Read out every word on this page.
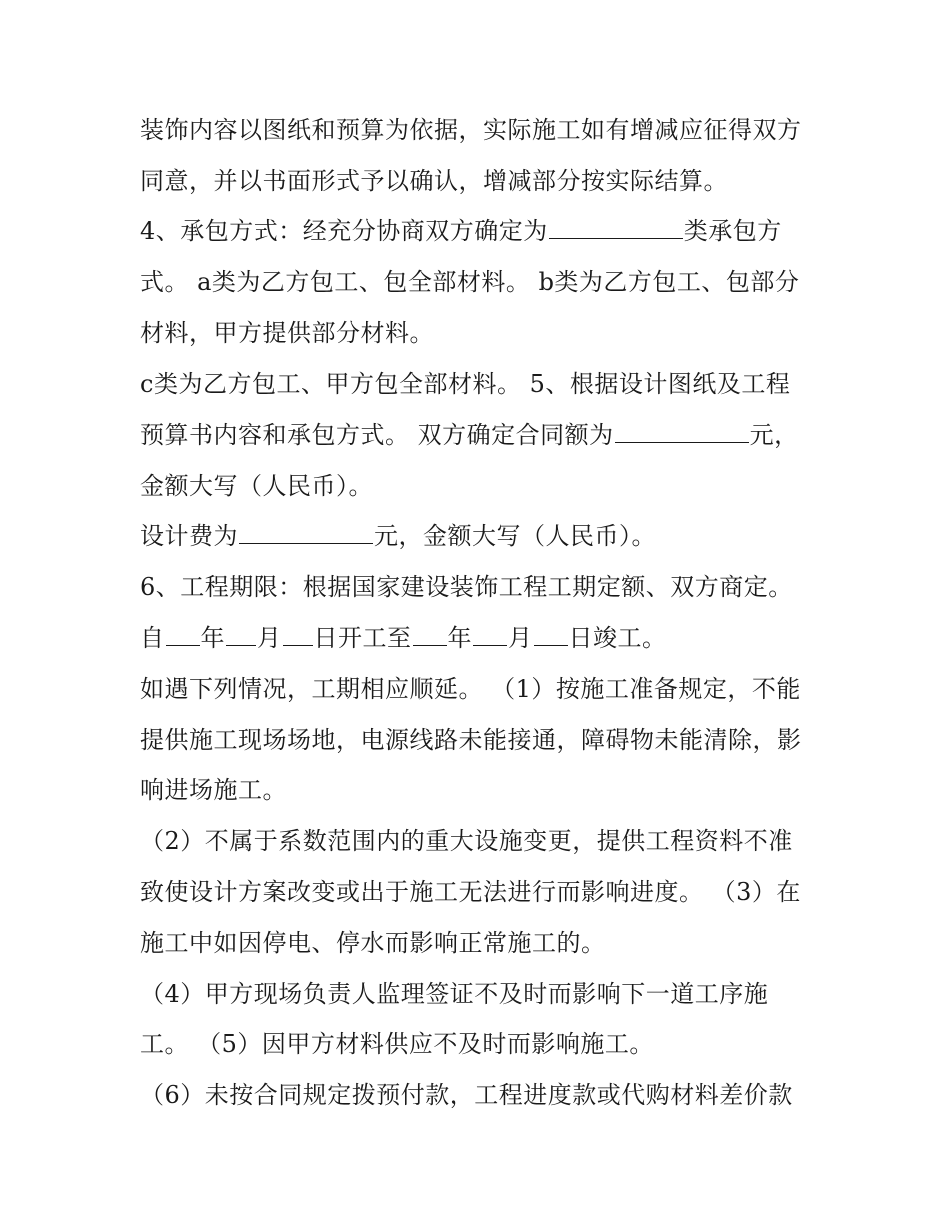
装饰内容以图纸和预算为依据，实际施工如有增减应征得双方
同意，并以书面形式予以确认，增减部分按实际结算。
4、承包方式：经充分协商双方确定为	类承包方
式。 a类为乙方包工、包全部材料。 b类为乙方包工、包部分
材料，甲方提供部分材料。
c类为乙方包工、甲方包全部材料。 5、根据设计图纸及工程
预算书内容和承包方式。 双方确定合同额为	元，
金额大写（人民币）。
设计费为	元，金额大写（人民币）。
6、工程期限：根据国家建设装饰工程工期定额、双方商定。
自 年 月 日开工至 年 月 日竣工。
如遇下列情况，工期相应顺延。 （1）按施工准备规定，不能
提供施工现场场地，电源线路未能接通，障碍物未能清除，影
响进场施工。
（2）不属于系数范围内的重大设施变更，提供工程资料不准
致使设计方案改变或出于施工无法进行而影响进度。 （3）在
施工中如因停电、停水而影响正常施工的。
（4）甲方现场负责人监理签证不及时而影响下一道工序施
工。 （5）因甲方材料供应不及时而影响施工。
（6）未按合同规定拨预付款，工程进度款或代购材料差价款
